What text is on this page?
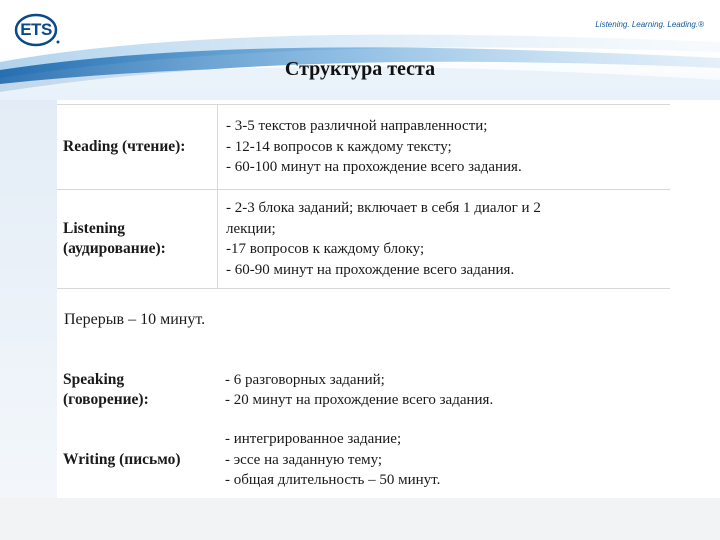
ETS	Listening. Learning. Leading.®
Структура теста
Reading (чтение):
- 3-5 текстов различной направленности;
- 12-14 вопросов к каждому тексту;
- 60-100 минут на прохождение всего задания.
Listening
(аудирование):
- 2-3 блока заданий; включает в себя 1 диалог и 2
лекции;
-17 вопросов к каждому блоку;
- 60-90 минут на прохождение всего задания.
Перерыв – 10 минут.
Speaking
(говорение):
- 6 разговорных заданий;
- 20 минут на прохождение всего задания.
Writing (письмо)
- интегрированное задание;
- эссе на заданную тему;
- общая длительность – 50 минут.
